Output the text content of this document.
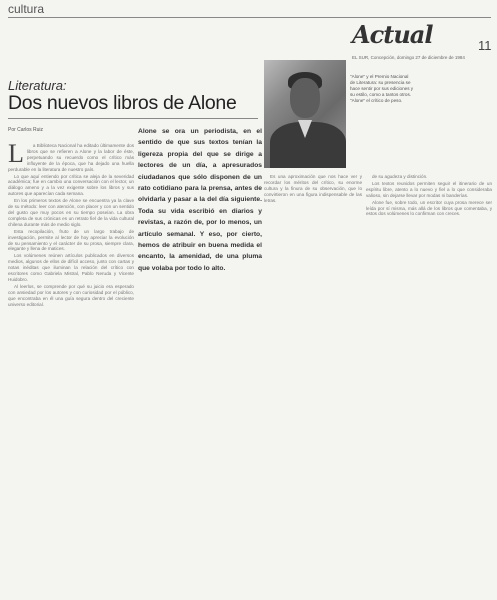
cultura
Actual	11
EL SUR, Concepción, domingo 27 de diciembre de 1984
Literatura:
Dos nuevos libros de Alone
Por Carlos Ruiz
"Alone" y el Premio Nacional de Literatura: su presencia se hace sentir por sus ediciones y su estilo, como a tantos otros. "Alone" el crítico de peso.
Alone se ora un periodista, en el sentido de que sus textos tenían la ligereza propia del que se dirige a lectores de un día, a apresurados ciudadanos que sólo disponen de un rato cotidiano para la prensa, antes de olvidarla y pasar a la del día siguiente. Toda su vida escribió en diarios y revistas, a razón de, por lo menos, un artículo semanal. Y eso, por cierto, hemos de atribuir en buena medida el encanto, la amenidad, de una pluma que volaba por todo lo alto.
L	a Biblioteca Nacional ha editado últimamente dos libros que se refieren a Alone y la labor de éste, perpetuando su recuerdo como el crítico más influyente de la época, que ha dejado una huella perdurable en la literatura de nuestro país.

Lo que aquí entiendo por crítica se aleja de la severidad académica; fue en cambio una conversación con el lector, un diálogo ameno y a la vez exigente sobre los libros y sus autores que aparecían cada semana.

En los primeros textos de Alone se encuentra ya la clave de su método: leer con atención, con placer y con un sentido del gusto que muy pocos en su tiempo poseían. La obra completa de sus crónicas es un retrato fiel de la vida cultural chilena durante más de medio siglo.

Esta recopilación, fruto de un largo trabajo de investigación, permite al lector de hoy apreciar la evolución de su pensamiento y el carácter de su prosa, siempre clara, elegante y llena de matices.

Los volúmenes reúnen artículos publicados en diversos medios, algunos de ellos de difícil acceso, junto con cartas y notas inéditas que iluminan la relación del crítico con escritores como Gabriela Mistral, Pablo Neruda y Vicente Huidobro.

Al leerlos, se comprende por qué su juicio era esperado con ansiedad por los autores y con curiosidad por el público, que encontraba en él una guía segura dentro del creciente universo editorial.

Es una aproximación que nos hace ver y recordar los méritos del crítico, su enorme cultura y la finura de su observación, que lo convirtieron en una figura indispensable de las letras.

de su agudeza y distinción.

Los textos reunidos permiten seguir el itinerario de un espíritu libre, atento a lo nuevo y fiel a lo que consideraba valioso, sin dejarse llevar por modas ni banderías.

Alone fue, sobre todo, un escritor cuya prosa merece ser leída por sí misma, más allá de los libros que comentaba, y estos dos volúmenes lo confirman con creces.
